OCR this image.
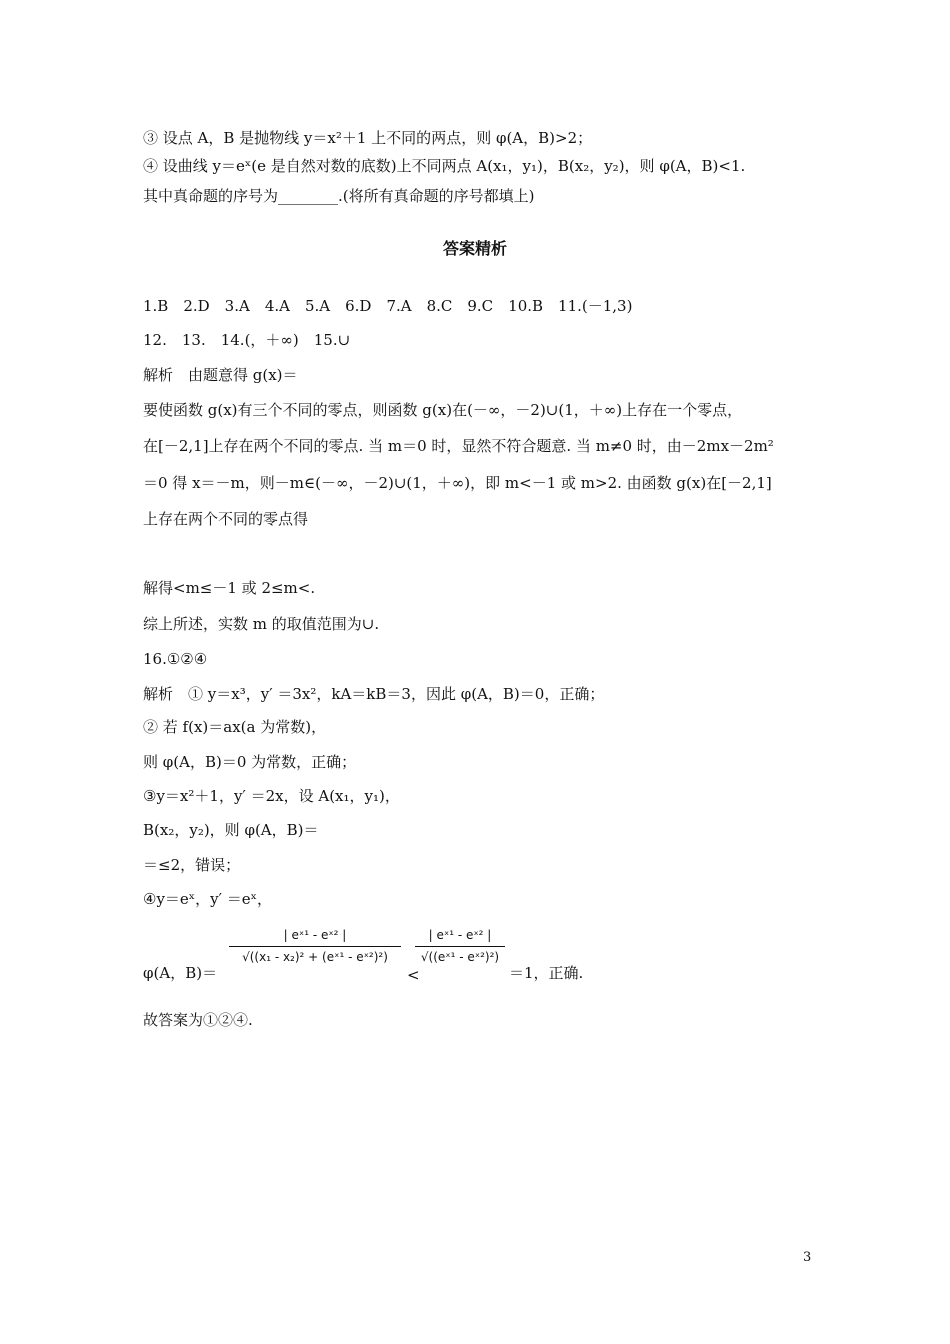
③ 设点 A，B 是抛物线 y＝x²＋1 上不同的两点，则 φ(A，B)>2；
④ 设曲线 y＝eˣ(e 是自然对数的底数)上不同两点 A(x₁，y₁)，B(x₂，y₂)，则 φ(A，B)<1.
其中真命题的序号为________.(将所有真命题的序号都填上)
答案精析
1.B　2.D　3.A　4.A　5.A　6.D　7.A　8.C　9.C　10.B　11.(－1,3)
12.　13.　14.(，＋∞)　15.∪
解析　由题意得 g(x)＝
要使函数 g(x)有三个不同的零点，则函数 g(x)在(－∞，－2)∪(1，＋∞)上存在一个零点，
在[－2,1]上存在两个不同的零点. 当 m＝0 时，显然不符合题意. 当 m≠0 时，由－2mx－2m²
＝0 得 x＝－m，则－m∈(－∞，－2)∪(1，＋∞)，即 m<－1 或 m>2. 由函数 g(x)在[－2,1]
上存在两个不同的零点得
解得<m≤－1 或 2≤m<.
综上所述，实数 m 的取值范围为∪.
16.①②④
解析　① y＝x³，y′ ＝3x²，kA＝kB＝3，因此 φ(A，B)＝0，正确；
② 若 f(x)＝ax(a 为常数)，
则 φ(A，B)＝0 为常数，正确；
③y＝x²＋1，y′ ＝2x，设 A(x₁，y₁)，
B(x₂，y₂)，则 φ(A，B)＝
＝≤2，错误；
④y＝eˣ，y′ ＝eˣ，
φ(A，B)＝
| eˣ¹ - eˣ² |
√((x₁ - x₂)² + (eˣ¹ - eˣ²)²)
<
| eˣ¹ - eˣ² |
√((eˣ¹ - eˣ²)²)
＝1，正确.
故答案为①②④.
3
